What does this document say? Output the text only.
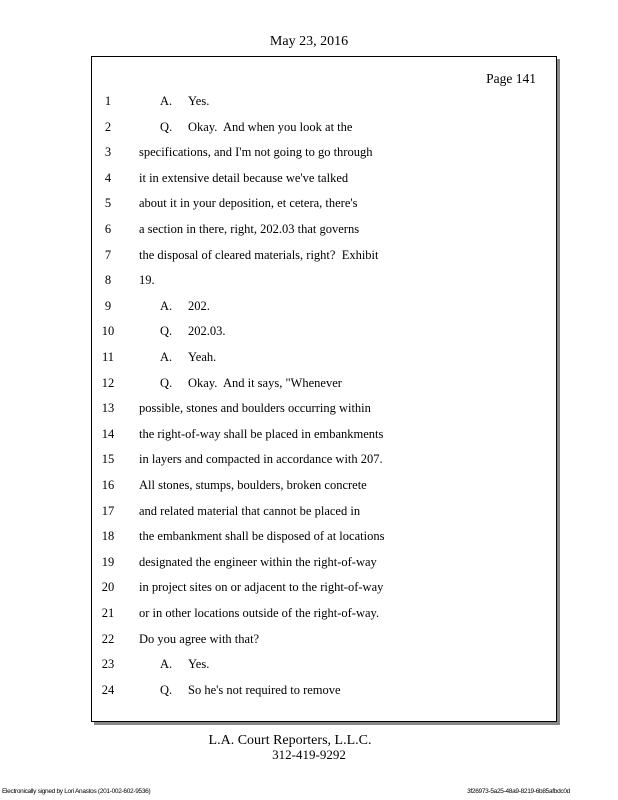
May 23, 2016
Page 141
1	A. Yes.
2	Q. Okay.  And when you look at the
3	specifications, and I'm not going to go through
4	it in extensive detail because we've talked
5	about it in your deposition, et cetera, there's
6	a section in there, right, 202.03 that governs
7	the disposal of cleared materials, right?  Exhibit
8	19.
9	A. 202.
10	Q. 202.03.
11	A. Yeah.
12	Q. Okay.  And it says, "Whenever
13	possible, stones and boulders occurring within
14	the right-of-way shall be placed in embankments
15	in layers and compacted in accordance with 207.
16	All stones, stumps, boulders, broken concrete
17	and related material that cannot be placed in
18	the embankment shall be disposed of at locations
19	designated the engineer within the right-of-way
20	in project sites on or adjacent to the right-of-way
21	or in other locations outside of the right-of-way.
22	Do you agree with that?
23	A. Yes.
24	Q. So he's not required to remove
L.A. Court Reporters, L.L.C.
312-419-9292
Electronically signed by Lori Anastos (201-002-602-9536)	3f26973-5a25-48a9-8219-6b85afbdc0d
